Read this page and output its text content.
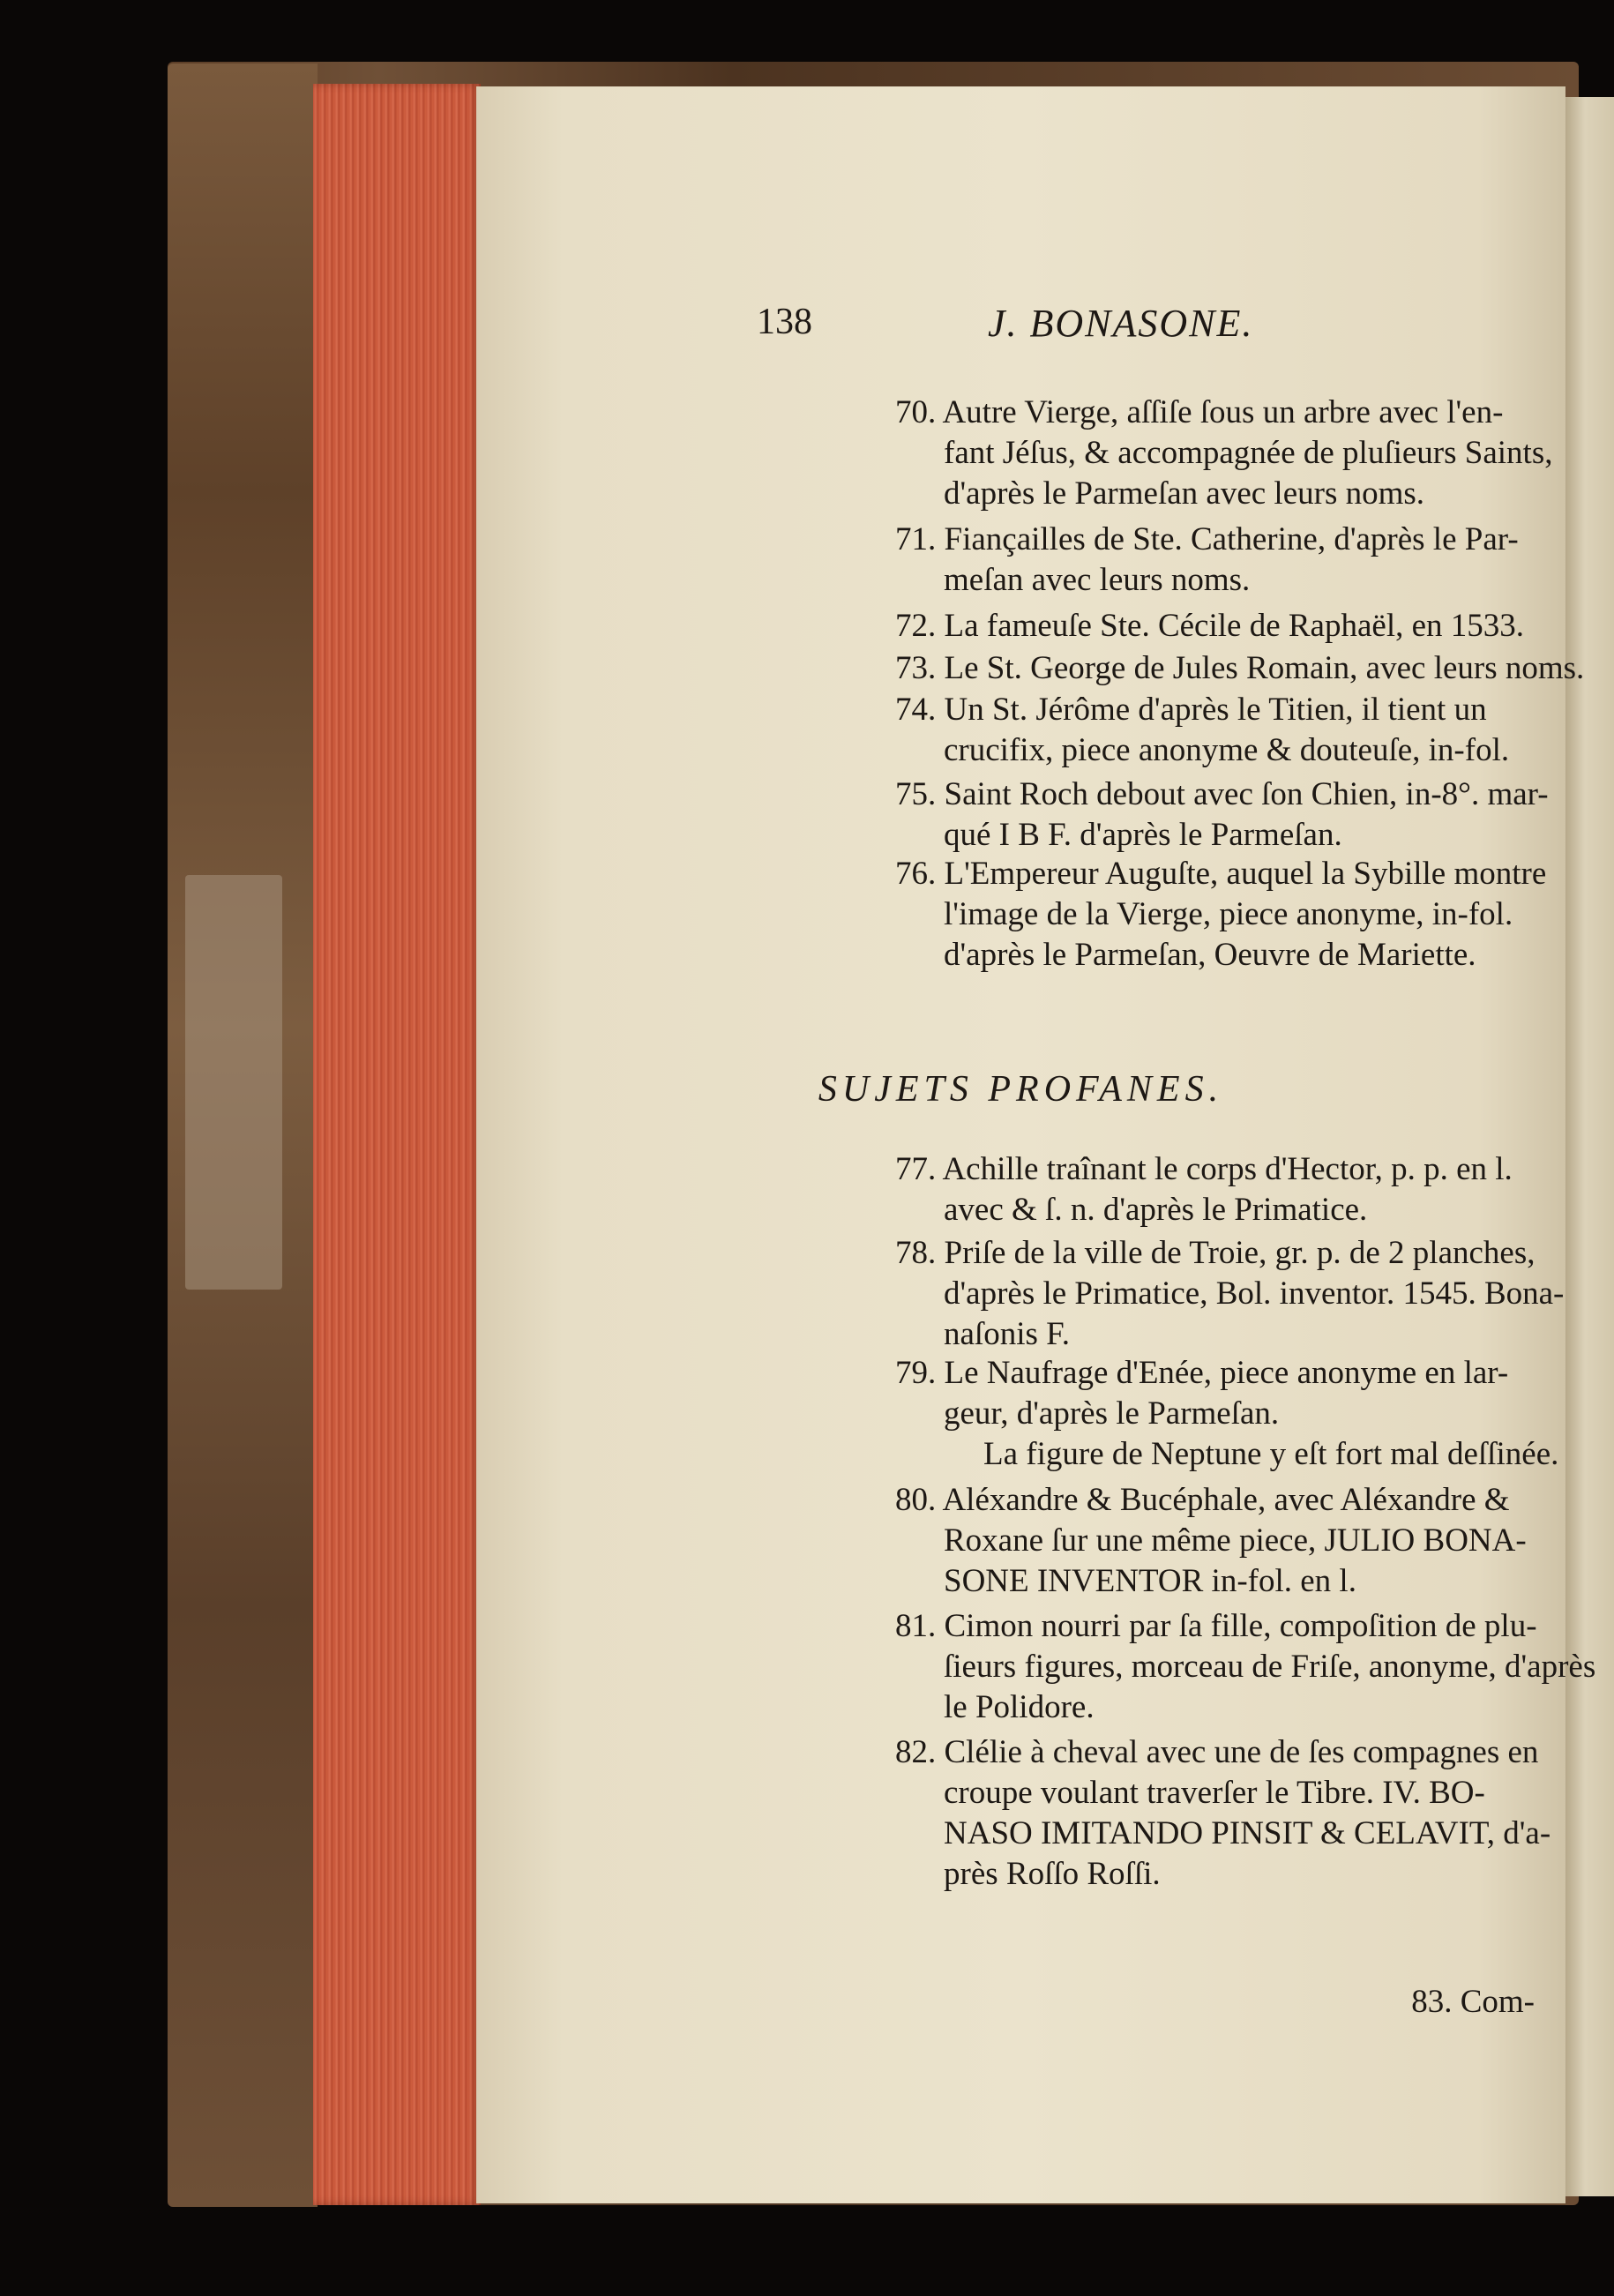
138	J. BONASONE.
70. Autre Vierge, aſſiſe ſous un arbre avec l'en-
fant Jéſus, & accompagnée de pluſieurs Saints,
d'après le Parmeſan avec leurs noms.
71. Fiançailles de Ste. Catherine, d'après le Par-
meſan avec leurs noms.
72. La fameuſe Ste. Cécile de Raphaël, en 1533.
73. Le St. George de Jules Romain, avec leurs noms.
74. Un St. Jérôme d'après le Titien, il tient un
crucifix, piece anonyme & douteuſe, in-fol.
75. Saint Roch debout avec ſon Chien, in-8°. mar-
qué I B F. d'après le Parmeſan.
76. L'Empereur Auguſte, auquel la Sybille montre
l'image de la Vierge, piece anonyme, in-fol.
d'après le Parmeſan, Oeuvre de Mariette.
SUJETS PROFANES.
77. Achille traînant le corps d'Hector, p. p. en l.
avec & ſ. n. d'après le Primatice.
78. Priſe de la ville de Troie, gr. p. de 2 planches,
d'après le Primatice, Bol. inventor. 1545. Bona-
naſonis F.
79. Le Naufrage d'Enée, piece anonyme en lar-
geur, d'après le Parmeſan.
La figure de Neptune y eſt fort mal deſſinée.
80. Aléxandre & Bucéphale, avec Aléxandre &
Roxane ſur une même piece, JULIO BONA-
SONE INVENTOR in-fol. en l.
81. Cimon nourri par ſa fille, compoſition de plu-
ſieurs figures, morceau de Friſe, anonyme, d'après
le Polidore.
82. Clélie à cheval avec une de ſes compagnes en
croupe voulant traverſer le Tibre. IV. BO-
NASO IMITANDO PINSIT & CELAVIT, d'a-
près Roſſo Roſſi.
83. Com-
